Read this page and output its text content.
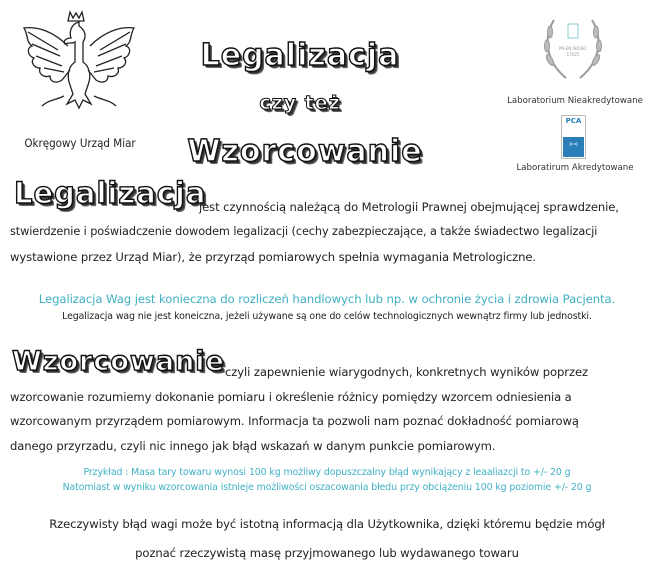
Okręgowy Urząd Miar
Legalizacja
czy też
Wzorcowanie
PN-EN ISO/IEC
17025
Laboratorium Nieakredytowane
PCA
><
Laboratirum Akredytowane
Legalizacja
jest czynnością należącą do Metrologii Prawnej obejmującej sprawdzenie,
stwierdzenie i poświadczenie dowodem legalizacji (cechy zabezpieczające, a także świadectwo legalizacji
wystawione przez Urząd Miar), że przyrząd pomiarowych spełnia wymagania Metrologiczne.
Legalizacja Wag jest konieczna do rozliczeń handlowych lub np. w ochronie życia i zdrowia Pacjenta.
Legalizacja wag nie jest koneiczna, jeżeli używane są one do celów technologicznych wewnątrz firmy lub jednostki.
Wzorcowanie czyli zapewnienie wiarygodnych, konkretnych wyników poprzez
wzorcowanie rozumiemy dokonanie pomiaru i określenie różnicy pomiędzy wzorcem odniesienia a
wzorcowanym przyrządem pomiarowym. Informacja ta pozwoli nam poznać dokładność pomiarową
danego przyrzadu, czyli nic innego jak błąd wskazań w danym punkcie pomiarowym.
Przykład : Masa tary towaru wynosi 100 kg możliwy dopuszczalny błąd wynikający z leaaliazcji to +/- 20 g
Natomiast w wyniku wzorcowania istnieje możliwości oszacowania błedu przy obciążeniu 100 kg poziomie +/- 20 g
Rzeczywisty błąd wagi może być istotną informacją dla Użytkownika, dzięki któremu będzie mógł
poznać rzeczywistą masę przyjmowanego lub wydawanego towaru
